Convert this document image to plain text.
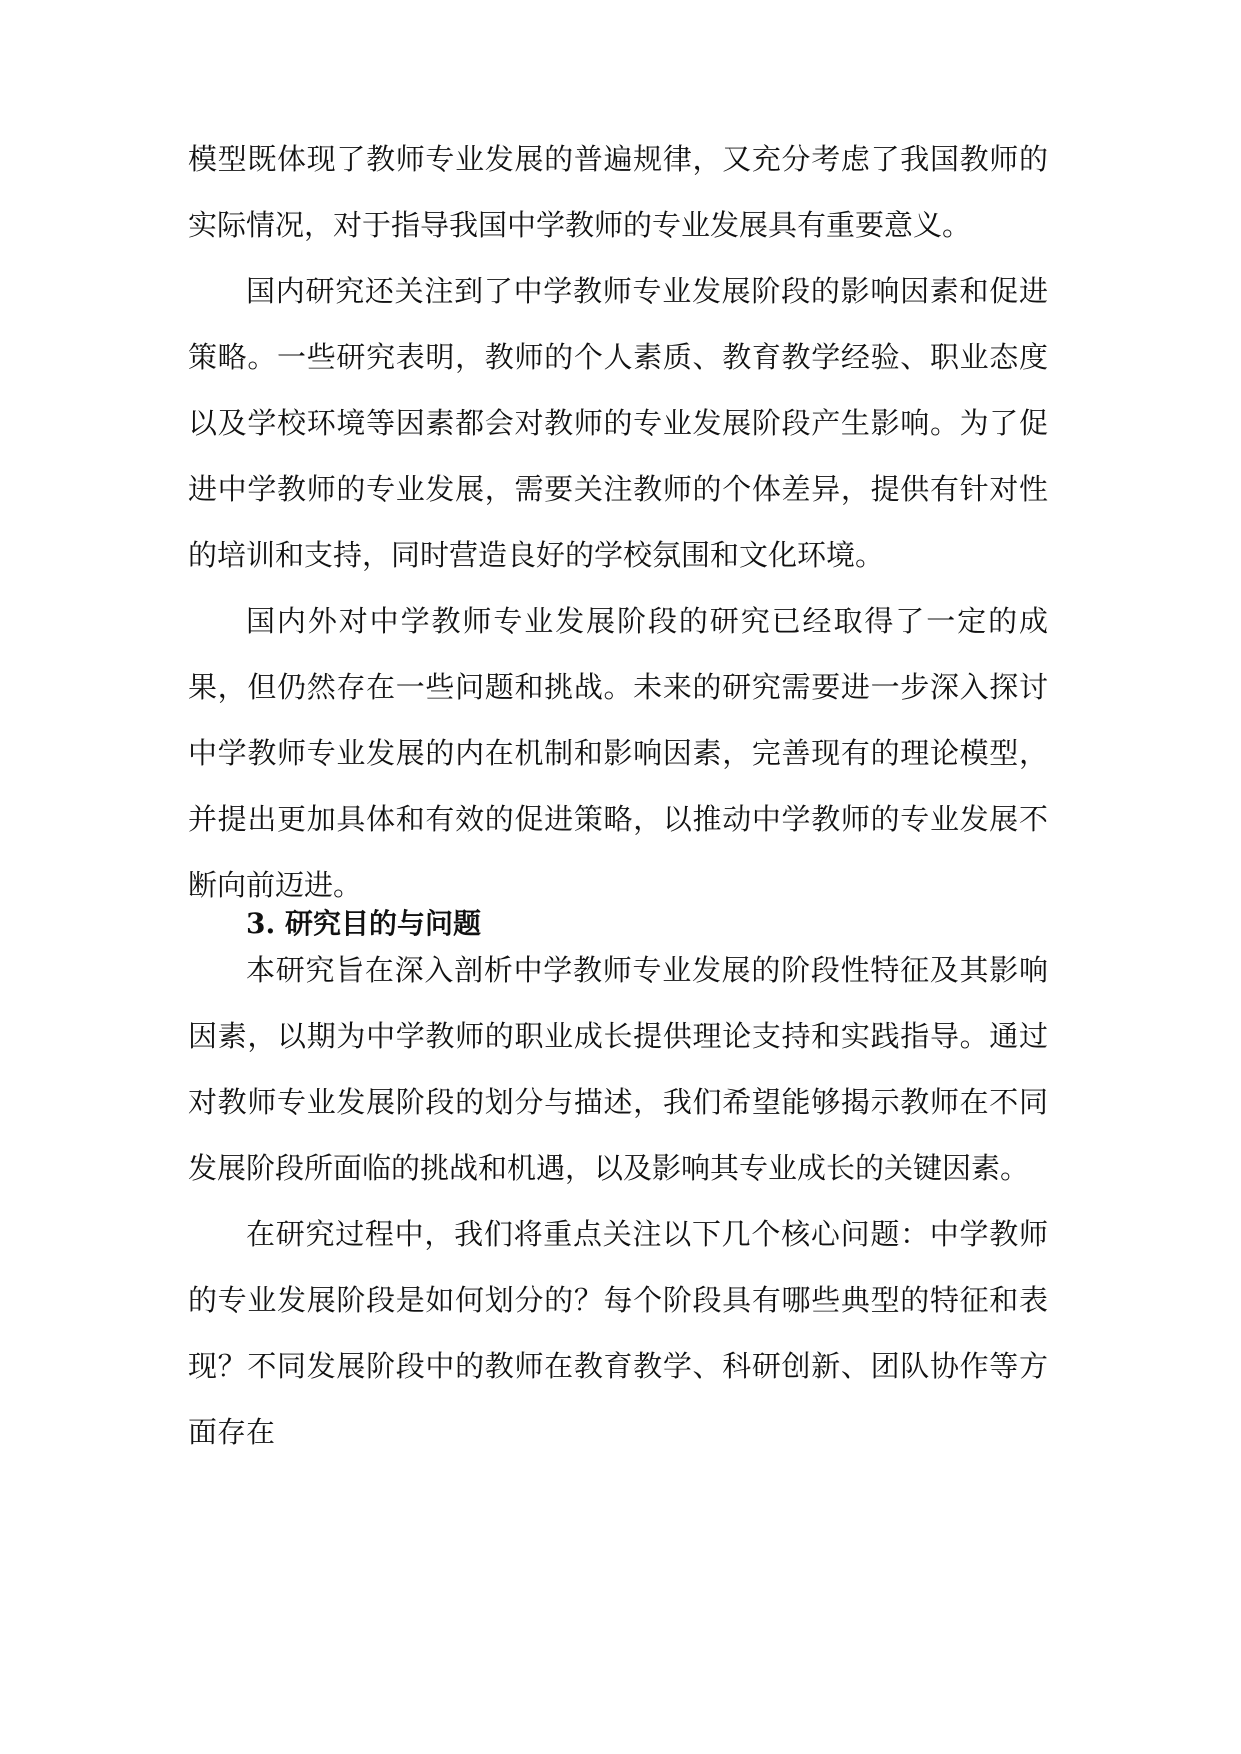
模型既体现了教师专业发展的普遍规律，又充分考虑了我国教师的实际情况，对于指导我国中学教师的专业发展具有重要意义。

国内研究还关注到了中学教师专业发展阶段的影响因素和促进策略。一些研究表明，教师的个人素质、教育教学经验、职业态度以及学校环境等因素都会对教师的专业发展阶段产生影响。为了促进中学教师的专业发展，需要关注教师的个体差异，提供有针对性的培训和支持，同时营造良好的学校氛围和文化环境。

国内外对中学教师专业发展阶段的研究已经取得了一定的成果，但仍然存在一些问题和挑战。未来的研究需要进一步深入探讨中学教师专业发展的内在机制和影响因素，完善现有的理论模型，并提出更加具体和有效的促进策略，以推动中学教师的专业发展不断向前迈进。

3. 研究目的与问题

本研究旨在深入剖析中学教师专业发展的阶段性特征及其影响因素，以期为中学教师的职业成长提供理论支持和实践指导。通过对教师专业发展阶段的划分与描述，我们希望能够揭示教师在不同发展阶段所面临的挑战和机遇，以及影响其专业成长的关键因素。

在研究过程中，我们将重点关注以下几个核心问题：中学教师的专业发展阶段是如何划分的？每个阶段具有哪些典型的特征和表现？不同发展阶段中的教师在教育教学、科研创新、团队协作等方面存在
